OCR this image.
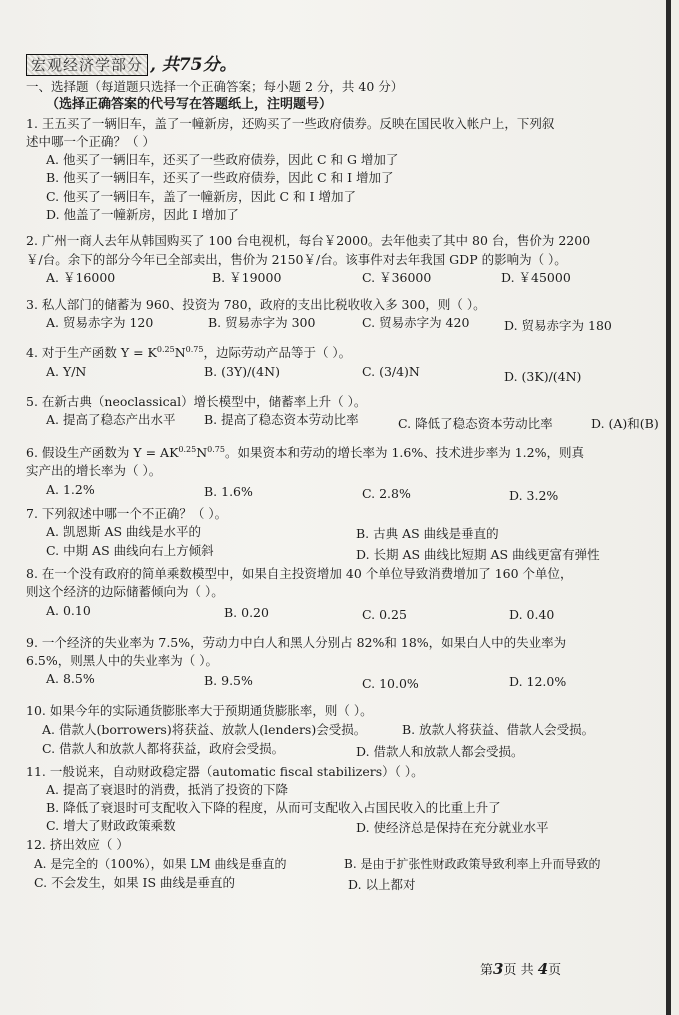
宏观经济学部分 , 共75分。
一、选择题（每道题只选择一个正确答案；每小题 2 分，共 40 分）
（选择正确答案的代号写在答题纸上，注明题号）
1. 王五买了一辆旧车，盖了一幢新房，还购买了一些政府债券。反映在国民收入帐户上，下列叙
述中哪一个正确？（ ）
A. 他买了一辆旧车，还买了一些政府债券，因此 C 和 G 增加了
B. 他买了一辆旧车，还买了一些政府债券，因此 C 和 I 增加了
C. 他买了一辆旧车，盖了一幢新房，因此 C 和 I 增加了
D. 他盖了一幢新房，因此 I 增加了
2. 广州一商人去年从韩国购买了 100 台电视机，每台￥2000。去年他卖了其中 80 台，售价为 2200
￥/台。余下的部分今年已全部卖出，售价为 2150￥/台。该事件对去年我国 GDP 的影响为（ ）。
A. ￥16000	B. ￥19000	C. ￥36000	D. ￥45000
3. 私人部门的储蓄为 960、投资为 780，政府的支出比税收收入多 300，则（ ）。
A. 贸易赤字为 120	B. 贸易赤字为 300	C. 贸易赤字为 420	D. 贸易赤字为 180
4. 对于生产函数 $Y = K^{0.25}N^{0.75}$，边际劳动产品等于（ ）。
A. Y/N	B. (3Y)/(4N)	C. (3/4)N	D. (3K)/(4N)
5. 在新古典（neoclassical）增长模型中，储蓄率上升（ ）。
A. 提高了稳态产出水平 B. 提高了稳态资本劳动比率	C. 降低了稳态资本劳动比率	D. (A)和(B)
6. 假设生产函数为 $Y = AK^{0.25}N^{0.75}$。如果资本和劳动的增长率为 1.6%、技术进步率为 1.2%，则真
实产出的增长率为（ ）。
A. 1.2%	B. 1.6%	C. 2.8%	D. 3.2%
7. 下列叙述中哪一个不正确？（ ）。
A. 凯恩斯 AS 曲线是水平的	B. 古典 AS 曲线是垂直的
C. 中期 AS 曲线向右上方倾斜	D. 长期 AS 曲线比短期 AS 曲线更富有弹性
8. 在一个没有政府的简单乘数模型中，如果自主投资增加 40 个单位导致消费增加了 160 个单位，
则这个经济的边际储蓄倾向为（ ）。
A. 0.10	B. 0.20	C. 0.25	D. 0.40
9. 一个经济的失业率为 7.5%，劳动力中白人和黑人分别占 82%和 18%，如果白人中的失业率为
6.5%，则黑人中的失业率为（ ）。
A. 8.5%	B. 9.5%	C. 10.0%	D. 12.0%
10. 如果今年的实际通货膨胀率大于预期通货膨胀率，则（ ）。
A. 借款人(borrowers)将获益、放款人(lenders)会受损。	B. 放款人将获益、借款人会受损。
C. 借款人和放款人都将获益，政府会受损。	D. 借款人和放款人都会受损。
11. 一般说来，自动财政稳定器（automatic fiscal stabilizers）（ ）。
A. 提高了衰退时的消费，抵消了投资的下降
B. 降低了衰退时可支配收入下降的程度，从而可支配收入占国民收入的比重上升了
C. 增大了财政政策乘数	D. 使经济总是保持在充分就业水平
12. 挤出效应（ ）
A. 是完全的（100%），如果 LM 曲线是垂直的	B. 是由于扩张性财政政策导致利率上升而导致的
C. 不会发生，如果 IS 曲线是垂直的	D. 以上都对
第3页 共 4页
